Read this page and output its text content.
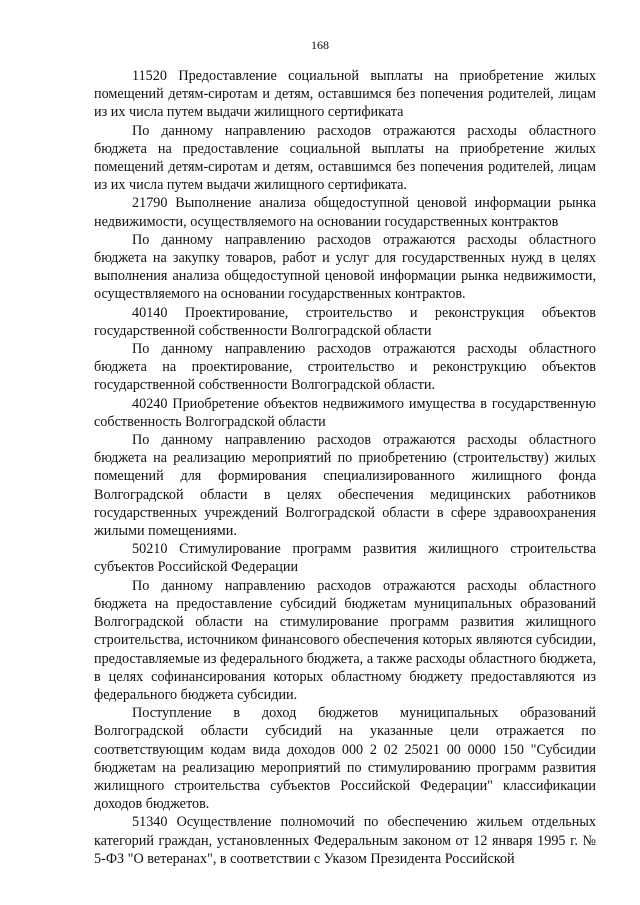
168

11520 Предоставление социальной выплаты на приобретение жилых помещений детям-сиротам и детям, оставшимся без попечения родителей, лицам из их числа путем выдачи жилищного сертификата

По данному направлению расходов отражаются расходы областного бюджета на предоставление социальной выплаты на приобретение жилых помещений детям-сиротам и детям, оставшимся без попечения родителей, лицам из их числа путем выдачи жилищного сертификата.

21790 Выполнение анализа общедоступной ценовой информации рынка недвижимости, осуществляемого на основании государственных контрактов

По данному направлению расходов отражаются расходы областного бюджета на закупку товаров, работ и услуг для государственных нужд в целях выполнения анализа общедоступной ценовой информации рынка недвижимости, осуществляемого на основании государственных контрактов.

40140 Проектирование, строительство и реконструкция объектов государственной собственности Волгоградской области

По данному направлению расходов отражаются расходы областного бюджета на проектирование, строительство и реконструкцию объектов государственной собственности Волгоградской области.

40240 Приобретение объектов недвижимого имущества в государственную собственность Волгоградской области

По данному направлению расходов отражаются расходы областного бюджета на реализацию мероприятий по приобретению (строительству) жилых помещений для формирования специализированного жилищного фонда Волгоградской области в целях обеспечения медицинских работников государственных учреждений Волгоградской области в сфере здравоохранения жилыми помещениями.

50210 Стимулирование программ развития жилищного строительства субъектов Российской Федерации

По данному направлению расходов отражаются расходы областного бюджета на предоставление субсидий бюджетам муниципальных образований Волгоградской области на стимулирование программ развития жилищного строительства, источником финансового обеспечения которых являются субсидии, предоставляемые из федерального бюджета, а также расходы областного бюджета, в целях софинансирования которых областному бюджету предоставляются из федерального бюджета субсидии.

Поступление в доход бюджетов муниципальных образований Волгоградской области субсидий на указанные цели отражается по соответствующим кодам вида доходов 000 2 02 25021 00 0000 150 "Субсидии бюджетам на реализацию мероприятий по стимулированию программ развития жилищного строительства субъектов Российской Федерации" классификации доходов бюджетов.

51340 Осуществление полномочий по обеспечению жильем отдельных категорий граждан, установленных Федеральным законом от 12 января 1995 г. № 5-ФЗ "О ветеранах", в соответствии с Указом Президента Российской
